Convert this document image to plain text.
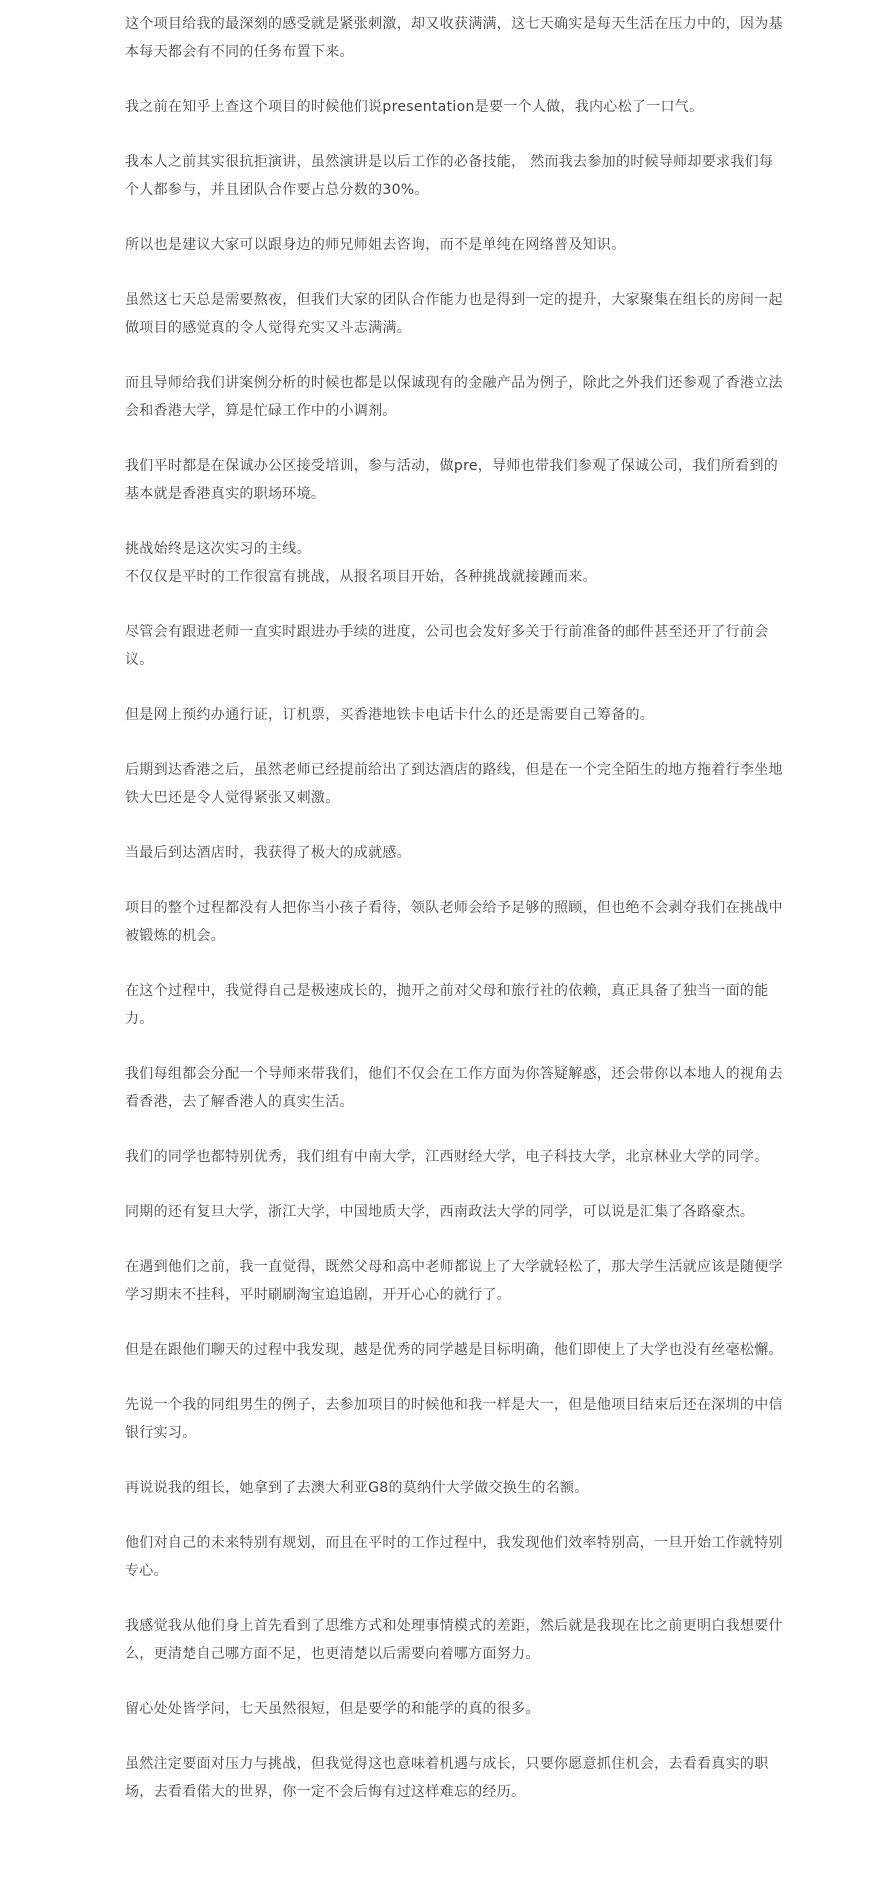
这个项目给我的最深刻的感受就是紧张刺激，却又收获满满，这七天确实是每天生活在压力中的，因为基本每天都会有不同的任务布置下来。

我之前在知乎上查这个项目的时候他们说presentation是要一个人做，我内心松了一口气。

我本人之前其实很抗拒演讲，虽然演讲是以后工作的必备技能， 然而我去参加的时候导师却要求我们每个人都参与，并且团队合作要占总分数的30%。

所以也是建议大家可以跟身边的师兄师姐去咨询，而不是单纯在网络普及知识。

虽然这七天总是需要熬夜，但我们大家的团队合作能力也是得到一定的提升，大家聚集在组长的房间一起做项目的感觉真的令人觉得充实又斗志满满。

而且导师给我们讲案例分析的时候也都是以保诚现有的金融产品为例子，除此之外我们还参观了香港立法会和香港大学，算是忙碌工作中的小调剂。

我们平时都是在保诚办公区接受培训，参与活动，做pre，导师也带我们参观了保诚公司，我们所看到的基本就是香港真实的职场环境。

挑战始终是这次实习的主线。
不仅仅是平时的工作很富有挑战，从报名项目开始，各种挑战就接踵而来。

尽管会有跟进老师一直实时跟进办手续的进度，公司也会发好多关于行前准备的邮件甚至还开了行前会议。

但是网上预约办通行证，订机票，买香港地铁卡电话卡什么的还是需要自己筹备的。

后期到达香港之后，虽然老师已经提前给出了到达酒店的路线，但是在一个完全陌生的地方拖着行李坐地铁大巴还是令人觉得紧张又刺激。

当最后到达酒店时，我获得了极大的成就感。

项目的整个过程都没有人把你当小孩子看待，领队老师会给予足够的照顾，但也绝不会剥夺我们在挑战中被锻炼的机会。

在这个过程中，我觉得自己是极速成长的，抛开之前对父母和旅行社的依赖，真正具备了独当一面的能力。

我们每组都会分配一个导师来带我们，他们不仅会在工作方面为你答疑解惑，还会带你以本地人的视角去看香港，去了解香港人的真实生活。

我们的同学也都特别优秀，我们组有中南大学，江西财经大学，电子科技大学，北京林业大学的同学。

同期的还有复旦大学，浙江大学，中国地质大学，西南政法大学的同学，可以说是汇集了各路豪杰。

在遇到他们之前，我一直觉得，既然父母和高中老师都说上了大学就轻松了，那大学生活就应该是随便学学习期末不挂科，平时刷刷淘宝追追剧，开开心心的就行了。

但是在跟他们聊天的过程中我发现，越是优秀的同学越是目标明确，他们即使上了大学也没有丝毫松懈。

先说一个我的同组男生的例子，去参加项目的时候他和我一样是大一，但是他项目结束后还在深圳的中信银行实习。

再说说我的组长，她拿到了去澳大利亚G8的莫纳什大学做交换生的名额。

他们对自己的未来特别有规划，而且在平时的工作过程中，我发现他们效率特别高，一旦开始工作就特别专心。

我感觉我从他们身上首先看到了思维方式和处理事情模式的差距，然后就是我现在比之前更明白我想要什么，更清楚自己哪方面不足，也更清楚以后需要向着哪方面努力。

留心处处皆学问，七天虽然很短，但是要学的和能学的真的很多。

虽然注定要面对压力与挑战，但我觉得这也意味着机遇与成长，只要你愿意抓住机会，去看看真实的职场，去看看偌大的世界，你一定不会后悔有过这样难忘的经历。
